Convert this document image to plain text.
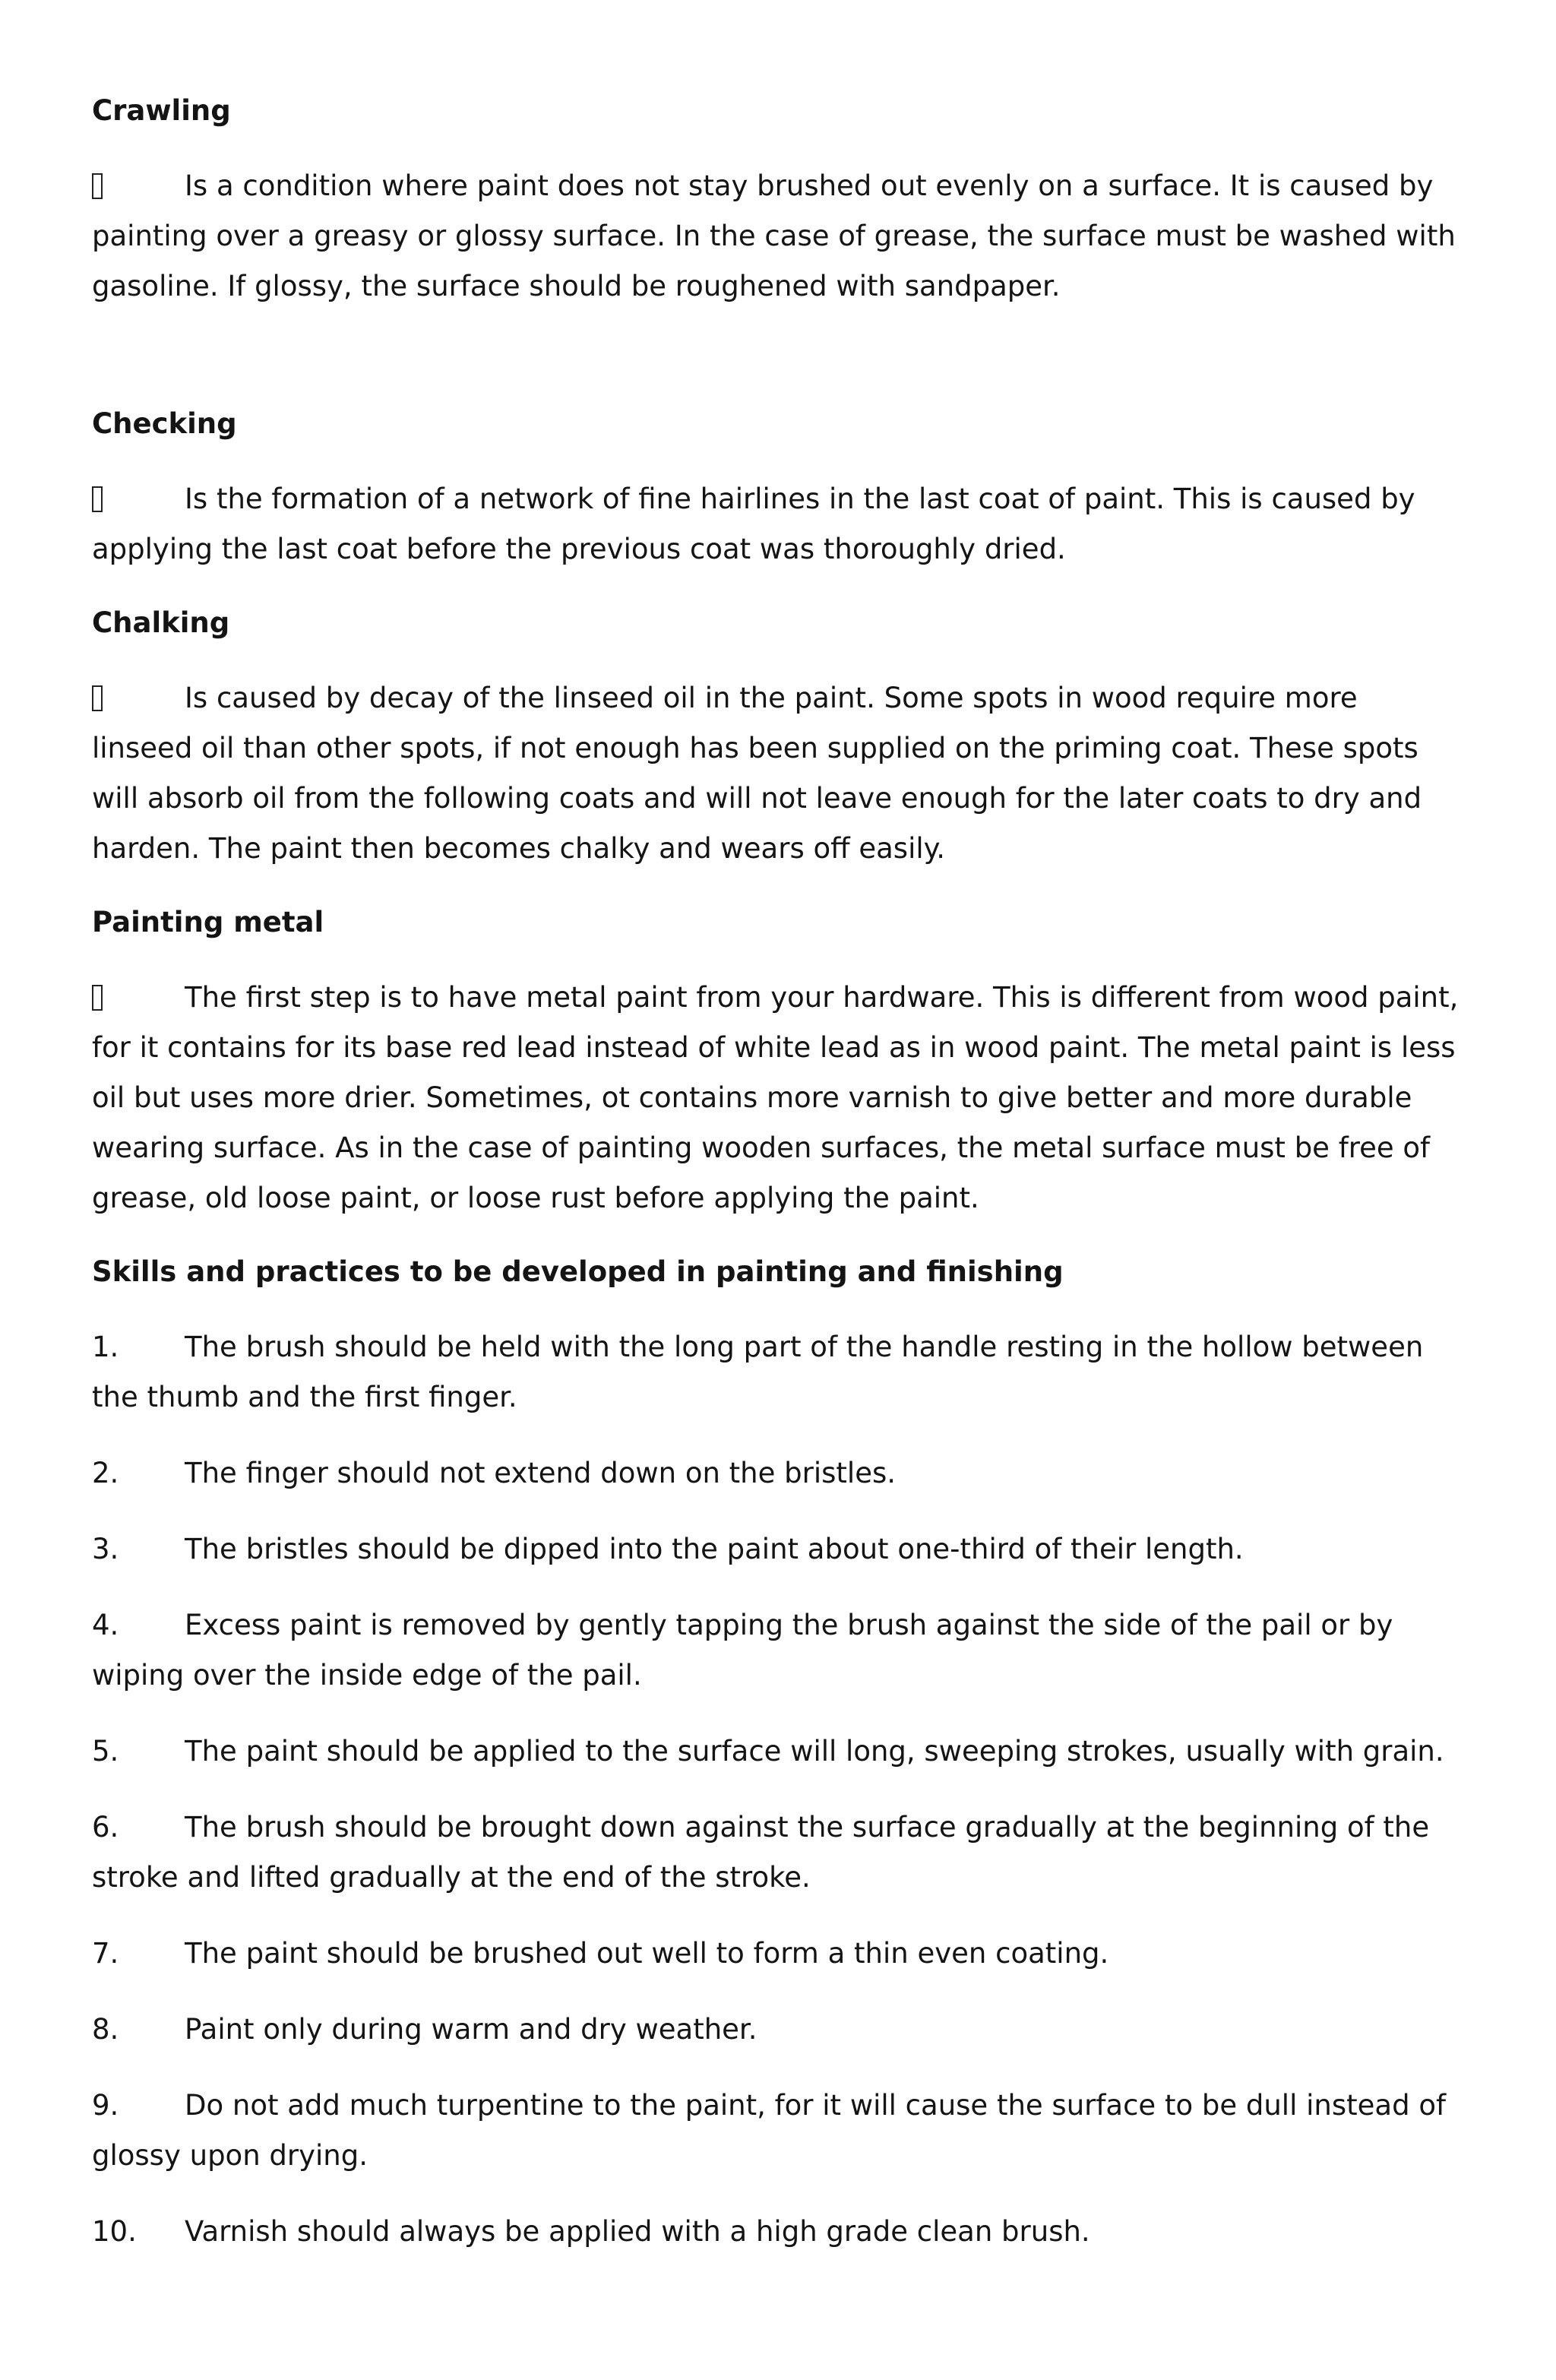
Crawling

Is a condition where paint does not stay brushed out evenly on a surface. It is caused by painting over a greasy or glossy surface. In the case of grease, the surface must be washed with gasoline. If glossy, the surface should be roughened with sandpaper.

Checking

Is the formation of a network of fine hairlines in the last coat of paint. This is caused by applying the last coat before the previous coat was thoroughly dried.

Chalking

Is caused by decay of the linseed oil in the paint. Some spots in wood require more linseed oil than other spots, if not enough has been supplied on the priming coat. These spots will absorb oil from the following coats and will not leave enough for the later coats to dry and harden. The paint then becomes chalky and wears off easily.

Painting metal

The first step is to have metal paint from your hardware. This is different from wood paint, for it contains for its base red lead instead of white lead as in wood paint. The metal paint is less oil but uses more drier. Sometimes, ot contains more varnish to give better and more durable wearing surface. As in the case of painting wooden surfaces, the metal surface must be free of grease, old loose paint, or loose rust before applying the paint.

Skills and practices to be developed in painting and finishing

1. The brush should be held with the long part of the handle resting in the hollow between the thumb and the first finger.

2. The finger should not extend down on the bristles.

3. The bristles should be dipped into the paint about one-third of their length.

4. Excess paint is removed by gently tapping the brush against the side of the pail or by wiping over the inside edge of the pail.

5. The paint should be applied to the surface will long, sweeping strokes, usually with grain.

6. The brush should be brought down against the surface gradually at the beginning of the stroke and lifted gradually at the end of the stroke.

7. The paint should be brushed out well to form a thin even coating.

8. Paint only during warm and dry weather.

9. Do not add much turpentine to the paint, for it will cause the surface to be dull instead of glossy upon drying.

10. Varnish should always be applied with a high grade clean brush.
